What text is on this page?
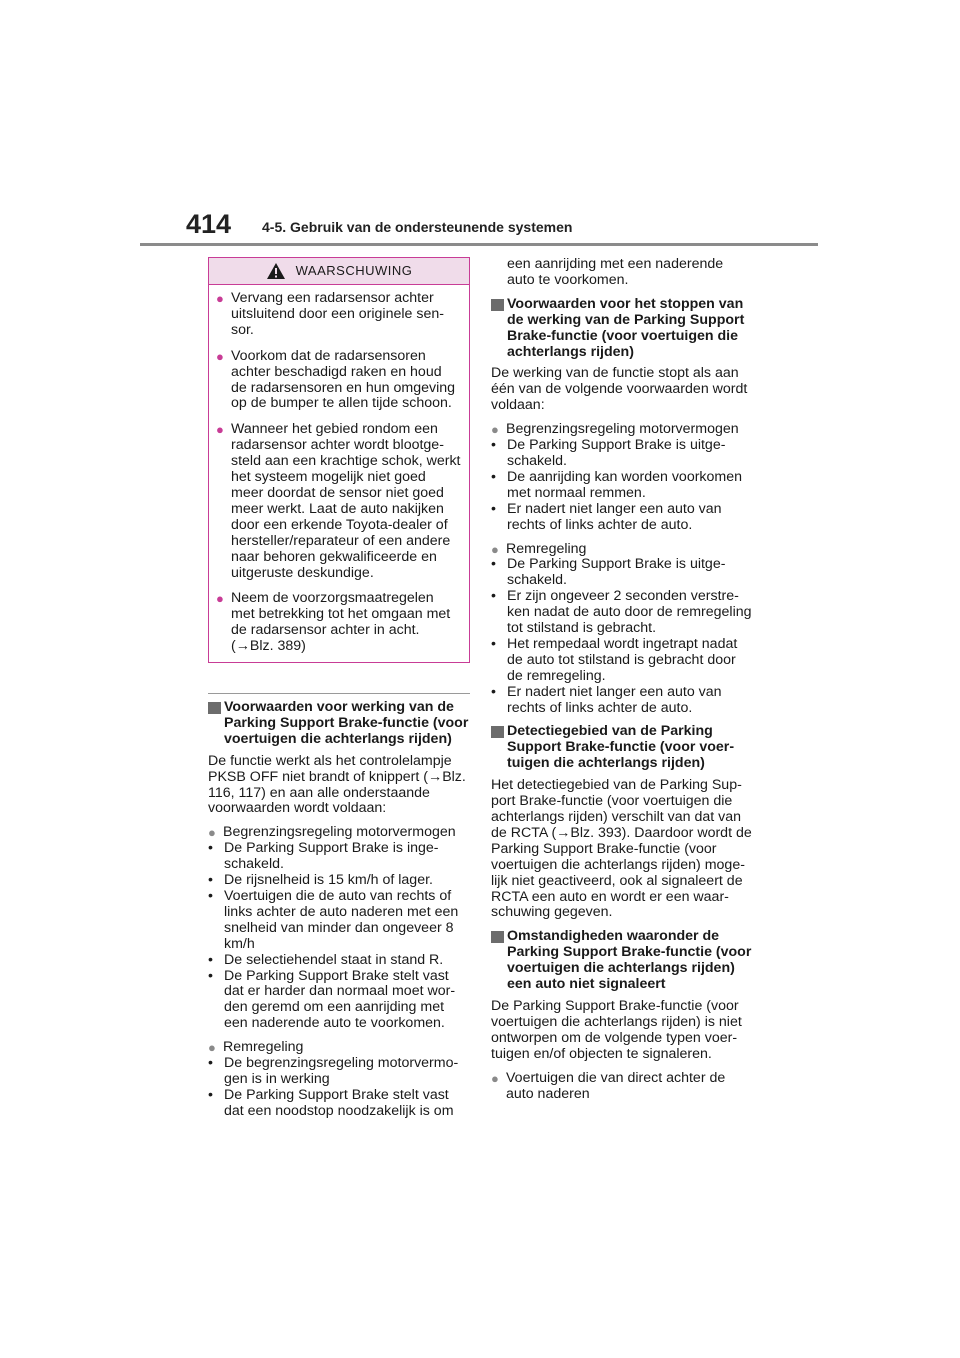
414 4-5. Gebruik van de ondersteunende systemen
WAARSCHUWING
● Vervang een radarsensor achter uitsluitend door een originele sensor.
● Voorkom dat de radarsensoren achter beschadigd raken en houd de radarsensoren en hun omgeving op de bumper te allen tijde schoon.
● Wanneer het gebied rondom een radarsensor achter wordt blootgesteld aan een krachtige schok, werkt het systeem mogelijk niet goed meer doordat de sensor niet goed meer werkt. Laat de auto nakijken door een erkende Toyota-dealer of hersteller/reparateur of een andere naar behoren gekwalificeerde en uitgeruste deskundige.
● Neem de voorzorgsmaatregelen met betrekking tot het omgaan met de radarsensor achter in acht. (→Blz. 389)
Voorwaarden voor werking van de Parking Support Brake-functie (voor voertuigen die achterlangs rijden)

De functie werkt als het controlelampje PKSB OFF niet brandt of knippert (→Blz. 116, 117) en aan alle onderstaande voorwaarden wordt voldaan:

● Begrenzingsregeling motorvermogen
• De Parking Support Brake is ingeschakeld.
• De rijsnelheid is 15 km/h of lager.
• Voertuigen die de auto van rechts of links achter de auto naderen met een snelheid van minder dan ongeveer 8 km/h
• De selectiehendel staat in stand R.
• De Parking Support Brake stelt vast dat er harder dan normaal moet worden geremd om een aanrijding met een naderende auto te voorkomen.
● Remregeling
• De begrenzingsregeling motorvermogen is in werking
• De Parking Support Brake stelt vast dat een noodstop noodzakelijk is om
een aanrijding met een naderende auto te voorkomen.
Voorwaarden voor het stoppen van de werking van de Parking Support Brake-functie (voor voertuigen die achterlangs rijden)

De werking van de functie stopt als aan één van de volgende voorwaarden wordt voldaan:

● Begrenzingsregeling motorvermogen
• De Parking Support Brake is uitgeschakeld.
• De aanrijding kan worden voorkomen met normaal remmen.
• Er nadert niet langer een auto van rechts of links achter de auto.
● Remregeling
• De Parking Support Brake is uitgeschakeld.
• Er zijn ongeveer 2 seconden verstreken nadat de auto door de remregeling tot stilstand is gebracht.
• Het rempedaal wordt ingetrapt nadat de auto tot stilstand is gebracht door de remregeling.
• Er nadert niet langer een auto van rechts of links achter de auto.
Detectiegebied van de Parking Support Brake-functie (voor voertuigen die achterlangs rijden)

Het detectiegebied van de Parking Support Brake-functie (voor voertuigen die achterlangs rijden) verschilt van dat van de RCTA (→Blz. 393). Daardoor wordt de Parking Support Brake-functie (voor voertuigen die achterlangs rijden) mogelijk niet geactiveerd, ook al signaleert de RCTA een auto en wordt er een waarschuwing gegeven.

Omstandigheden waaronder de Parking Support Brake-functie (voor voertuigen die achterlangs rijden) een auto niet signaleert

De Parking Support Brake-functie (voor voertuigen die achterlangs rijden) is niet ontworpen om de volgende typen voertuigen en/of objecten te signaleren.

● Voertuigen die van direct achter de auto naderen
